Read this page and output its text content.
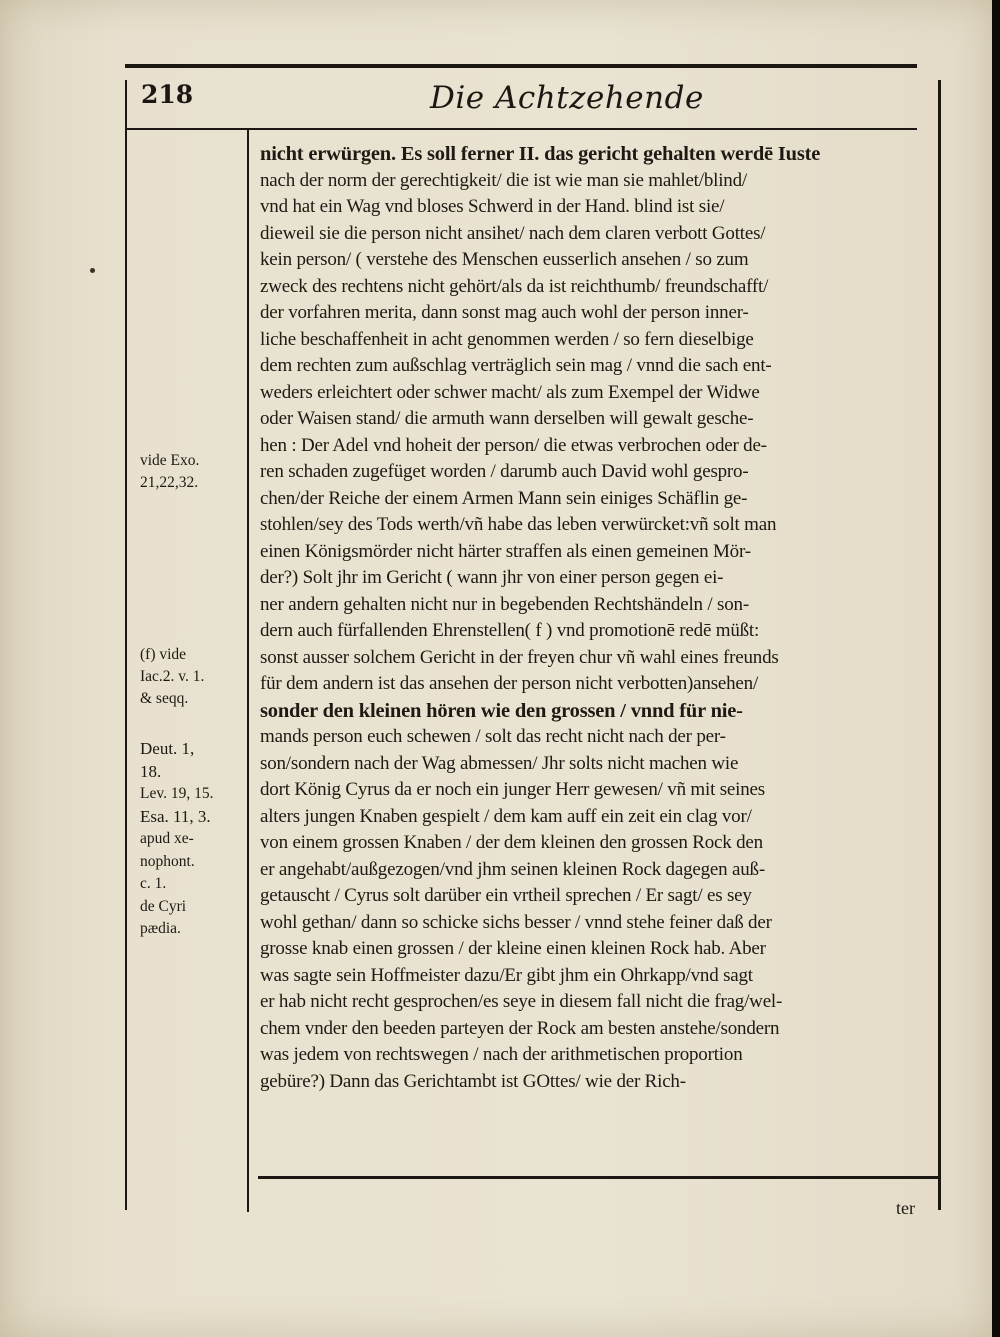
218	Die Achtzehende
nicht erwürgen. Es soll ferner II. das gericht gehalten werdē Iuste
nach der norm der gerechtigkeit/ die ist wie man sie mahlet/blind/
vnd hat ein Wag vnd bloses Schwerd in der Hand. blind ist sie/
dieweil sie die person nicht ansihet/ nach dem claren verbott Gottes/
kein person/ ( verstehe des Menschen eusserlich ansehen / so zum
zweck des rechtens nicht gehört/als da ist reichthumb/ freundschafft/
der vorfahren merita, dann sonst mag auch wohl der person inner-
liche beschaffenheit in acht genommen werden / so fern dieselbige
dem rechten zum außschlag verträglich sein mag / vnnd die sach ent-
weders erleichtert oder schwer macht/ als zum Exempel der Widwe
oder Waisen stand/ die armuth wann derselben will gewalt gesche-
hen : Der Adel vnd hoheit der person/ die etwas verbrochen oder de-
ren schaden zugefüget worden / darumb auch David wohl gespro-
chen/der Reiche der einem Armen Mann sein einiges Schäflin ge-
stohlen/sey des Tods werth/vñ habe das leben verwürcket:vñ solt man
einen Königsmörder nicht härter straffen als einen gemeinen Mör-
der?) Solt jhr im Gericht ( wann jhr von einer person gegen ei-
ner andern gehalten nicht nur in begebenden Rechtshändeln / son-
dern auch fürfallenden Ehrenstellen( f ) vnd promotionē redē müßt:
sonst ausser solchem Gericht in der freyen chur vñ wahl eines freunds
für dem andern ist das ansehen der person nicht verbotten)ansehen/
sonder den kleinen hören wie den grossen / vnnd für nie-
mands person euch schewen / solt das recht nicht nach der per-
son/sondern nach der Wag abmessen/ Jhr solts nicht machen wie
dort König Cyrus da er noch ein junger Herr gewesen/ vñ mit seines
alters jungen Knaben gespielt / dem kam auff ein zeit ein clag vor/
von einem grossen Knaben / der dem kleinen den grossen Rock den
er angehabt/außgezogen/vnd jhm seinen kleinen Rock dagegen auß-
getauscht / Cyrus solt darüber ein vrtheil sprechen / Er sagt/ es sey
wohl gethan/ dann so schicke sichs besser / vnnd stehe feiner daß der
grosse knab einen grossen / der kleine einen kleinen Rock hab. Aber
was sagte sein Hoffmeister dazu/Er gibt jhm ein Ohrkapp/vnd sagt
er hab nicht recht gesprochen/es seye in diesem fall nicht die frag/wel-
chem vnder den beeden parteyen der Rock am besten anstehe/sondern
was jedem von rechtswegen / nach der arithmetischen proportion
gebüre?) Dann das Gerichtambt ist GOttes/ wie der Rich-
vide Exo.
21,22,32.
(f) vide
Iac.2. v. 1.
& seqq.
Deut. 1,
18.
Lev. 19, 15.
Esa. 11, 3.
apud xe-
nophont.
c. 1.
de Cyri
pædia.
ter
